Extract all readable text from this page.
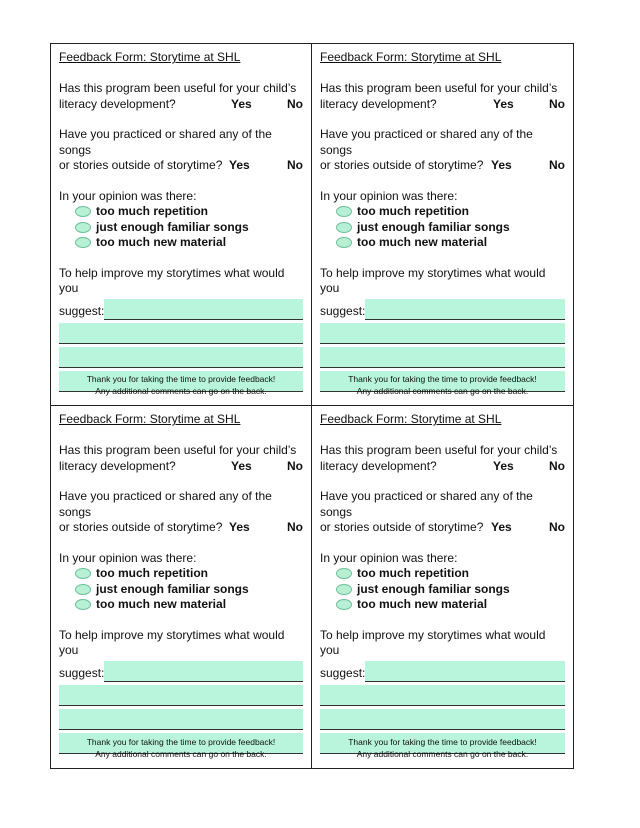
Feedback Form: Storytime at SHL
Has this program been useful for your child’s
literacy development?	Yes	No
Have you practiced or shared any of the songs
or stories outside of storytime? Yes	No
In your opinion was there:
too much repetition
just enough familiar songs
too much new material
To help improve my storytimes what would you
suggest:
Thank you for taking the time to provide feedback!
Any additional comments can go on the back.
Feedback Form: Storytime at SHL
Has this program been useful for your child’s
literacy development?	Yes	No
Have you practiced or shared any of the songs
or stories outside of storytime? Yes	No
In your opinion was there:
too much repetition
just enough familiar songs
too much new material
To help improve my storytimes what would you
suggest:
Thank you for taking the time to provide feedback!
Any additional comments can go on the back.
Feedback Form: Storytime at SHL
Has this program been useful for your child’s
literacy development?	Yes	No
Have you practiced or shared any of the songs
or stories outside of storytime? Yes	No
In your opinion was there:
too much repetition
just enough familiar songs
too much new material
To help improve my storytimes what would you
suggest:
Thank you for taking the time to provide feedback!
Any additional comments can go on the back.
Feedback Form: Storytime at SHL
Has this program been useful for your child’s
literacy development?	Yes	No
Have you practiced or shared any of the songs
or stories outside of storytime? Yes	No
In your opinion was there:
too much repetition
just enough familiar songs
too much new material
To help improve my storytimes what would you
suggest:
Thank you for taking the time to provide feedback!
Any additional comments can go on the back.
